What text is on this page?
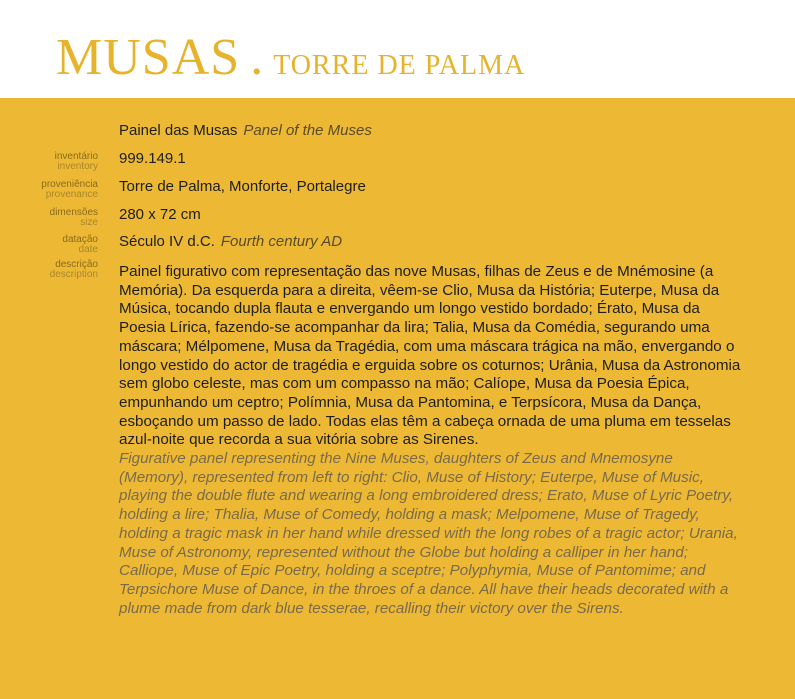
MUSAS . TORRE DE PALMA
Painel das Musas Panel of the Muses
inventário
inventory 999.149.1
proveniência
provenance Torre de Palma, Monforte, Portalegre
dimensões
size 280 x 72 cm
datação
date Século IV d.C. Fourth century AD
descrição
description Painel figurativo com representação das nove Musas, filhas de Zeus e de Mnémosine (a Memória). Da esquerda para a direita, vêem-se Clio, Musa da História; Euterpe, Musa da Música, tocando dupla flauta e envergando um longo vestido bordado; Érato, Musa da Poesia Lírica, fazendo-se acompanhar da lira; Talia, Musa da Comédia, segurando uma máscara; Mélpomene, Musa da Tragédia, com uma máscara trágica na mão, envergando o longo vestido do actor de tragédia e erguida sobre os coturnos; Urânia, Musa da Astronomia sem globo celeste, mas com um compasso na mão; Calíope, Musa da Poesia Épica, empunhando um ceptro; Polímnia, Musa da Pantomina, e Terpsícora, Musa da Dança, esboçando um passo de lado. Todas elas têm a cabeça ornada de uma pluma em tesselas azul-noite que recorda a sua vitória sobre as Sirenes.

Figurative panel representing the Nine Muses, daughters of Zeus and Mnemosyne (Memory), represented from left to right: Clio, Muse of History; Euterpe, Muse of Music, playing the double flute and wearing a long embroidered dress; Erato, Muse of Lyric Poetry, holding a lire; Thalia, Muse of Comedy, holding a mask; Melpomene, Muse of Tragedy, holding a tragic mask in her hand while dressed with the long robes of a tragic actor; Urania, Muse of Astronomy, represented without the Globe but holding a calliper in her hand; Calliope, Muse of Epic Poetry, holding a sceptre; Polyphymia, Muse of Pantomime; and Terpsichore Muse of Dance, in the throes of a dance. All have their heads decorated with a plume made from dark blue tesserae, recalling their victory over the Sirens.
